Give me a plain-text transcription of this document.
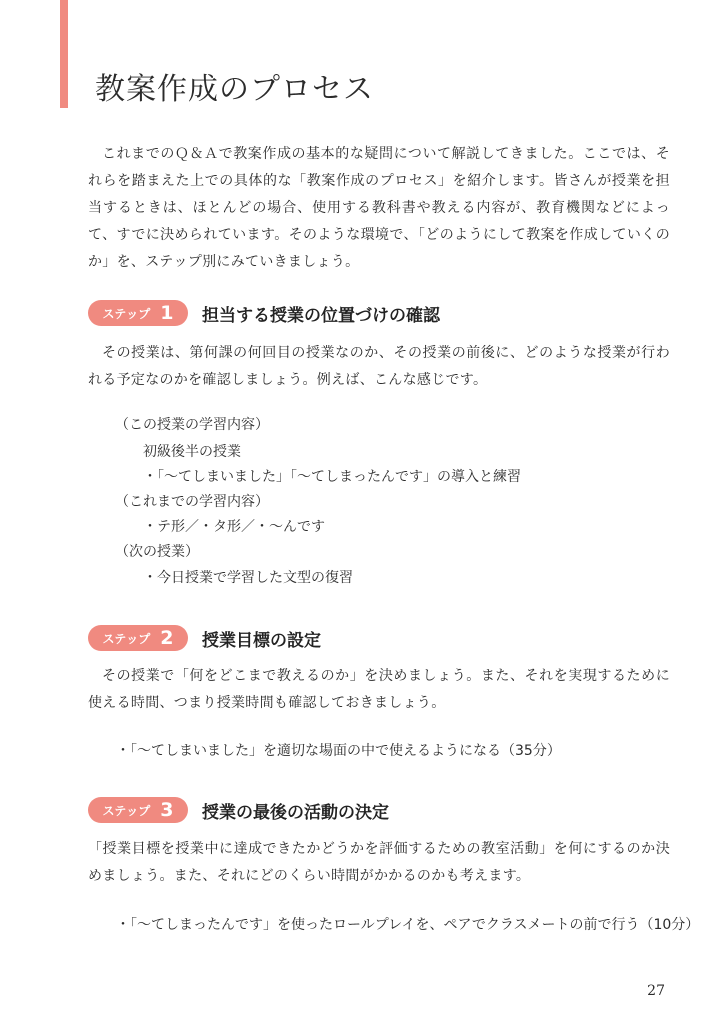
教案作成のプロセス

これまでのＱ＆Ａで教案作成の基本的な疑問について解説してきました。ここでは、それらを踏まえた上での具体的な「教案作成のプロセス」を紹介します。皆さんが授業を担当するときは、ほとんどの場合、使用する教科書や教える内容が、教育機関などによって、すでに決められています。そのような環境で、「どのようにして教案を作成していくのか」を、ステップ別にみていきましょう。

ステップ 1 担当する授業の位置づけの確認

その授業は、第何課の何回目の授業なのか、その授業の前後に、どのような授業が行われる予定なのかを確認しましょう。例えば、こんな感じです。

（この授業の学習内容）
初級後半の授業
・「〜てしまいました」「〜てしまったんです」の導入と練習
（これまでの学習内容）
・テ形／・タ形／・〜んです
（次の授業）
・今日授業で学習した文型の復習
ステップ 2 授業目標の設定

その授業で「何をどこまで教えるのか」を決めましょう。また、それを実現するために使える時間、つまり授業時間も確認しておきましょう。

・「〜てしまいました」を適切な場面の中で使えるようになる（35分）
ステップ 3 授業の最後の活動の決定

「授業目標を授業中に達成できたかどうかを評価するための教室活動」を何にするのか決めましょう。また、それにどのくらい時間がかかるのかも考えます。

・「〜てしまったんです」を使ったロールプレイを、ペアでクラスメートの前で行う（10分）
27
